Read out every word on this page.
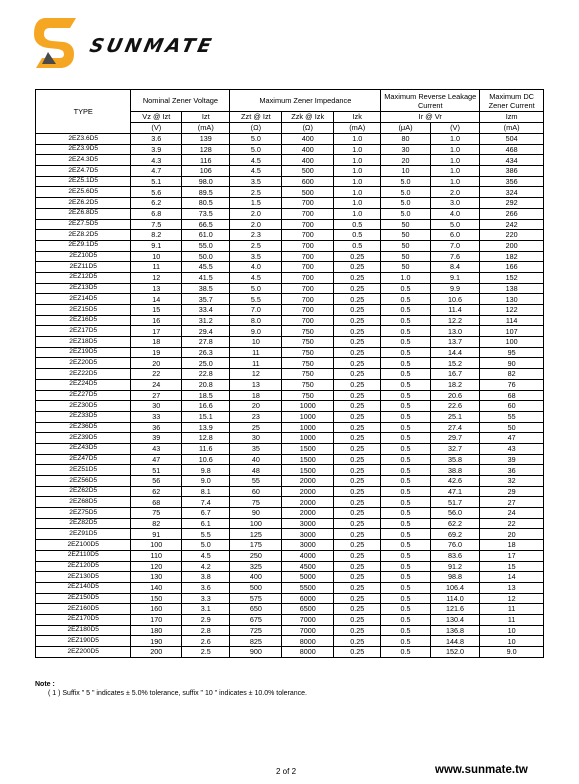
SUNMATE
TYPE	Nominal Zener Voltage		Maximum Zener Impedance			Maximum Reverse Leakage Current		Maximum DC Zener Current
	Vz @ Izt	Izt	Zzt @ Izt	Zzk @ Izk	Izk	Ir @ Vr		Izm
	(V)	(mA)	(Ω)	(Ω)	(mA)	(μA)	(V)	(mA)
2EZ3.6D5	3.6	139	5.0	400	1.0	80	1.0	504
2EZ3.9D5	3.9	128	5.0	400	1.0	30	1.0	468
2EZ4.3D5	4.3	116	4.5	400	1.0	20	1.0	434
2EZ4.7D5	4.7	106	4.5	500	1.0	10	1.0	386
2EZ5.1D5	5.1	98.0	3.5	600	1.0	5.0	1.0	356
2EZ5.6D5	5.6	89.5	2.5	500	1.0	5.0	2.0	324
2EZ6.2D5	6.2	80.5	1.5	700	1.0	5.0	3.0	292
2EZ6.8D5	6.8	73.5	2.0	700	1.0	5.0	4.0	266
2EZ7.5D5	7.5	66.5	2.0	700	0.5	50	5.0	242
2EZ8.2D5	8.2	61.0	2.3	700	0.5	50	6.0	220
2EZ9.1D5	9.1	55.0	2.5	700	0.5	50	7.0	200
2EZ10D5	10	50.0	3.5	700	0.25	50	7.6	182
2EZ11D5	11	45.5	4.0	700	0.25	50	8.4	166
2EZ12D5	12	41.5	4.5	700	0.25	1.0	9.1	152
2EZ13D5	13	38.5	5.0	700	0.25	0.5	9.9	138
2EZ14D5	14	35.7	5.5	700	0.25	0.5	10.6	130
2EZ15D5	15	33.4	7.0	700	0.25	0.5	11.4	122
2EZ16D5	16	31.2	8.0	700	0.25	0.5	12.2	114
2EZ17D5	17	29.4	9.0	750	0.25	0.5	13.0	107
2EZ18D5	18	27.8	10	750	0.25	0.5	13.7	100
2EZ19D5	19	26.3	11	750	0.25	0.5	14.4	95
2EZ20D5	20	25.0	11	750	0.25	0.5	15.2	90
2EZ22D5	22	22.8	12	750	0.25	0.5	16.7	82
2EZ24D5	24	20.8	13	750	0.25	0.5	18.2	76
2EZ27D5	27	18.5	18	750	0.25	0.5	20.6	68
2EZ30D5	30	16.6	20	1000	0.25	0.5	22.6	60
2EZ33D5	33	15.1	23	1000	0.25	0.5	25.1	55
2EZ36D5	36	13.9	25	1000	0.25	0.5	27.4	50
2EZ39D5	39	12.8	30	1000	0.25	0.5	29.7	47
2EZ43D5	43	11.6	35	1500	0.25	0.5	32.7	43
2EZ47D5	47	10.6	40	1500	0.25	0.5	35.8	39
2EZ51D5	51	9.8	48	1500	0.25	0.5	38.8	36
2EZ56D5	56	9.0	55	2000	0.25	0.5	42.6	32
2EZ62D5	62	8.1	60	2000	0.25	0.5	47.1	29
2EZ68D5	68	7.4	75	2000	0.25	0.5	51.7	27
2EZ75D5	75	6.7	90	2000	0.25	0.5	56.0	24
2EZ82D5	82	6.1	100	3000	0.25	0.5	62.2	22
2EZ91D5	91	5.5	125	3000	0.25	0.5	69.2	20
2EZ100D5	100	5.0	175	3000	0.25	0.5	76.0	18
2EZ110D5	110	4.5	250	4000	0.25	0.5	83.6	17
2EZ120D5	120	4.2	325	4500	0.25	0.5	91.2	15
2EZ130D5	130	3.8	400	5000	0.25	0.5	98.8	14
2EZ140D5	140	3.6	500	5500	0.25	0.5	106.4	13
2EZ150D5	150	3.3	575	6000	0.25	0.5	114.0	12
2EZ160D5	160	3.1	650	6500	0.25	0.5	121.6	11
2EZ170D5	170	2.9	675	7000	0.25	0.5	130.4	11
2EZ180D5	180	2.8	725	7000	0.25	0.5	136.8	10
2EZ190D5	190	2.6	825	8000	0.25	0.5	144.8	10
2EZ200D5	200	2.5	900	8000	0.25	0.5	152.0	9.0
Note :
( 1 ) Suffix " 5 " indicates ± 5.0% tolerance, suffix " 10 " indicates ± 10.0% tolerance.
2 of 2	www.sunmate.tw
